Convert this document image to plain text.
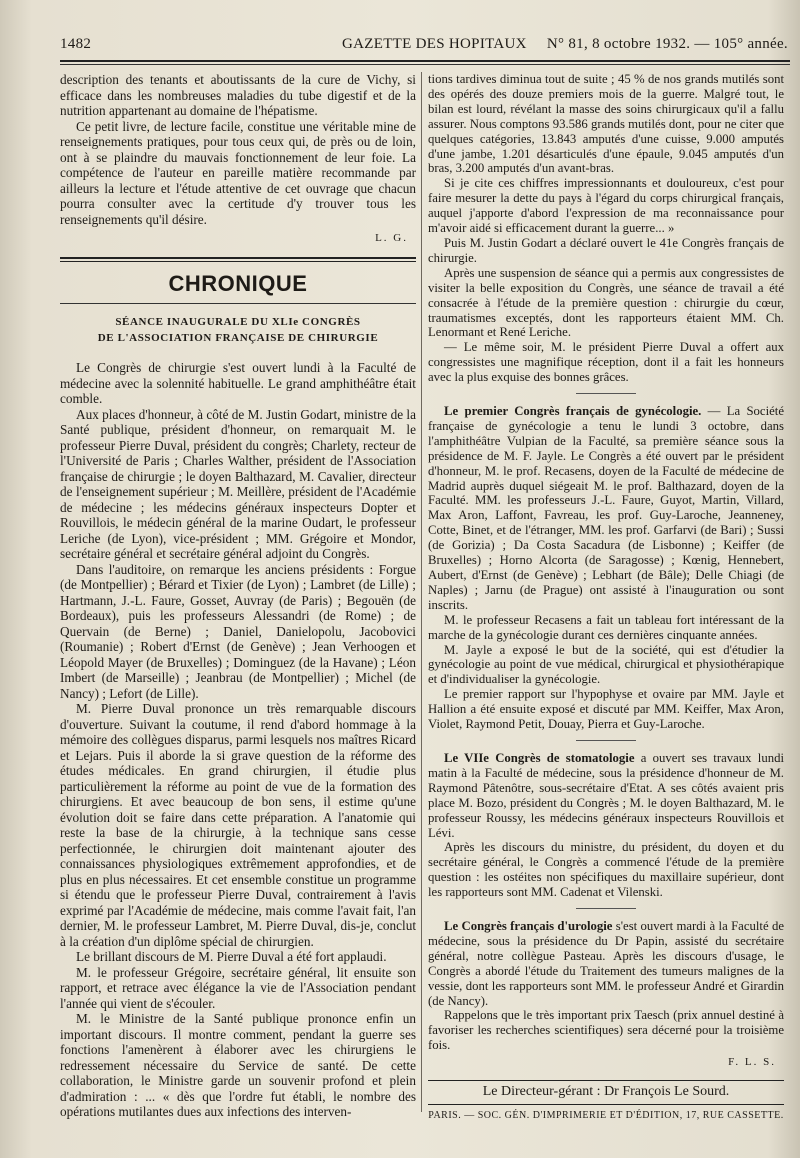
1482	GAZETTE DES HOPITAUX N° 81, 8 octobre 1932. — 105° année.

description des tenants et aboutissants de la cure de Vichy, si efficace dans les nombreuses maladies du tube digestif et de la nutrition appartenant au domaine de l'hépatisme.

Ce petit livre, de lecture facile, constitue une véritable mine de renseignements pratiques, pour tous ceux qui, de près ou de loin, ont à se plaindre du mauvais fonctionnement de leur foie. La compétence de l'auteur en pareille matière recommande par ailleurs la lecture et l'étude attentive de cet ouvrage que chacun pourra consulter avec la certitude d'y trouver tous les renseignements qu'il désire.

L. G.
CHRONIQUE
SÉANCE INAUGURALE DU XLIe CONGRÈS
DE L'ASSOCIATION FRANÇAISE DE CHIRURGIE

Le Congrès de chirurgie s'est ouvert lundi à la Faculté de médecine avec la solennité habituelle. Le grand amphithéâtre était comble.

Aux places d'honneur, à côté de M. Justin Godart, ministre de la Santé publique, président d'honneur, on remarquait M. le professeur Pierre Duval, président du congrès; Charlety, recteur de l'Université de Paris ; Charles Walther, président de l'Association française de chirurgie ; le doyen Balthazard, M. Cavalier, directeur de l'enseignement supérieur ; M. Meillère, président de l'Académie de médecine ; les médecins généraux inspecteurs Dopter et Rouvillois, le médecin général de la marine Oudart, le professeur Leriche (de Lyon), vice-président ; MM. Grégoire et Mondor, secrétaire général et secrétaire général adjoint du Congrès.

Dans l'auditoire, on remarque les anciens présidents : Forgue (de Montpellier) ; Bérard et Tixier (de Lyon) ; Lambret (de Lille) ; Hartmann, J.-L. Faure, Gosset, Auvray (de Paris) ; Begouën (de Bordeaux), puis les professeurs Alessandri (de Rome) ; de Quervain (de Berne) ; Daniel, Danielopolu, Jacobovici (Roumanie) ; Robert d'Ernst (de Genève) ; Jean Verhoogen et Léopold Mayer (de Bruxelles) ; Dominguez (de la Havane) ; Léon Imbert (de Marseille) ; Jeanbrau (de Montpellier) ; Michel (de Nancy) ; Lefort (de Lille).

M. Pierre Duval prononce un très remarquable discours d'ouverture. Suivant la coutume, il rend d'abord hommage à la mémoire des collègues disparus, parmi lesquels nos maîtres Ricard et Lejars. Puis il aborde la si grave question de la réforme des études médicales. En grand chirurgien, il étudie plus particulièrement la réforme au point de vue de la formation des chirurgiens. Et avec beaucoup de bon sens, il estime qu'une évolution doit se faire dans cette préparation. A l'anatomie qui reste la base de la chirurgie, à la technique sans cesse perfectionnée, le chirurgien doit maintenant ajouter des connaissances physiologiques extrêmement approfondies, et de plus en plus nécessaires. Et cet ensemble constitue un programme si étendu que le professeur Pierre Duval, contrairement à l'avis exprimé par l'Académie de médecine, mais comme l'avait fait, l'an dernier, M. le professeur Lambret, M. Pierre Duval, dis-je, conclut à la création d'un diplôme spécial de chirurgien.

Le brillant discours de M. Pierre Duval a été fort applaudi.

M. le professeur Grégoire, secrétaire général, lit ensuite son rapport, et retrace avec élégance la vie de l'Association pendant l'année qui vient de s'écouler.

M. le Ministre de la Santé publique prononce enfin un important discours. Il montre comment, pendant la guerre ses fonctions l'amenèrent à élaborer avec les chirurgiens le redressement nécessaire du Service de santé. De cette collaboration, le Ministre garde un souvenir profond et plein d'admiration : ... « dès que l'ordre fut établi, le nombre des opérations mutilantes dues aux infections des interven-

tions tardives diminua tout de suite ; 45 % de nos grands mutilés sont des opérés des douze premiers mois de la guerre. Malgré tout, le bilan est lourd, révélant la masse des soins chirurgicaux qu'il a fallu assurer. Nous comptons 93.586 grands mutilés dont, pour ne citer que quelques catégories, 13.843 amputés d'une cuisse, 9.000 amputés d'une jambe, 1.201 désarticulés d'une épaule, 9.045 amputés d'un bras, 3.200 amputés d'un avant-bras.

Si je cite ces chiffres impressionnants et douloureux, c'est pour faire mesurer la dette du pays à l'égard du corps chirurgical français, auquel j'apporte d'abord l'expression de ma reconnaissance pour m'avoir aidé si efficacement durant la guerre... »

Puis M. Justin Godart a déclaré ouvert le 41e Congrès français de chirurgie.

Après une suspension de séance qui a permis aux congressistes de visiter la belle exposition du Congrès, une séance de travail a été consacrée à l'étude de la première question : chirurgie du cœur, traumatismes exceptés, dont les rapporteurs étaient MM. Ch. Lenormant et René Leriche.

— Le même soir, M. le président Pierre Duval a offert aux congressistes une magnifique réception, dont il a fait les honneurs avec la plus exquise des bonnes grâces.

Le premier Congrès français de gynécologie. — La Société française de gynécologie a tenu le lundi 3 octobre, dans l'amphithéâtre Vulpian de la Faculté, sa première séance sous la présidence de M. F. Jayle. Le Congrès a été ouvert par le président d'honneur, M. le prof. Recasens, doyen de la Faculté de médecine de Madrid auprès duquel siégeait M. le prof. Balthazard, doyen de la Faculté. MM. les professeurs J.-L. Faure, Guyot, Martin, Villard, Max Aron, Laffont, Favreau, les prof. Guy-Laroche, Jeanneney, Cotte, Binet, et de l'étranger, MM. les prof. Garfarvi (de Bari) ; Sussi (de Gorizia) ; Da Costa Sacadura (de Lisbonne) ; Keiffer (de Bruxelles) ; Horno Alcorta (de Saragosse) ; Kœnig, Hennebert, Aubert, d'Ernst (de Genève) ; Lebhart (de Bâle); Delle Chiagi (de Naples) ; Jarnu (de Prague) ont assisté à l'inauguration ou sont inscrits.

M. le professeur Recasens a fait un tableau fort intéressant de la marche de la gynécologie durant ces dernières cinquante années.

M. Jayle a exposé le but de la société, qui est d'étudier la gynécologie au point de vue médical, chirurgical et physiothérapique et d'individualiser la gynécologie.

Le premier rapport sur l'hypophyse et ovaire par MM. Jayle et Hallion a été ensuite exposé et discuté par MM. Keiffer, Max Aron, Violet, Raymond Petit, Douay, Pierra et Guy-Laroche.

Le VIIe Congrès de stomatologie a ouvert ses travaux lundi matin à la Faculté de médecine, sous la présidence d'honneur de M. Raymond Pâtenôtre, sous-secrétaire d'Etat. A ses côtés avaient pris place M. Bozo, président du Congrès ; M. le doyen Balthazard, M. le professeur Roussy, les médecins généraux inspecteurs Rouvillois et Lévi.

Après les discours du ministre, du président, du doyen et du secrétaire général, le Congrès a commencé l'étude de la première question : les ostéites non spécifiques du maxillaire supérieur, dont les rapporteurs sont MM. Cadenat et Vilenski.

Le Congrès français d'urologie s'est ouvert mardi à la Faculté de médecine, sous la présidence du Dr Papin, assisté du secrétaire général, notre collègue Pasteau. Après les discours d'usage, le Congrès a abordé l'étude du Traitement des tumeurs malignes de la vessie, dont les rapporteurs sont MM. le professeur André et Girardin (de Nancy).

Rappelons que le très important prix Taesch (prix annuel destiné à favoriser les recherches scientifiques) sera décerné pour la troisième fois.

F. L. S.
Le Directeur-gérant : Dr François Le Sourd.
PARIS. — SOC. GÉN. D'IMPRIMERIE ET D'ÉDITION, 17, RUE CASSETTE.
